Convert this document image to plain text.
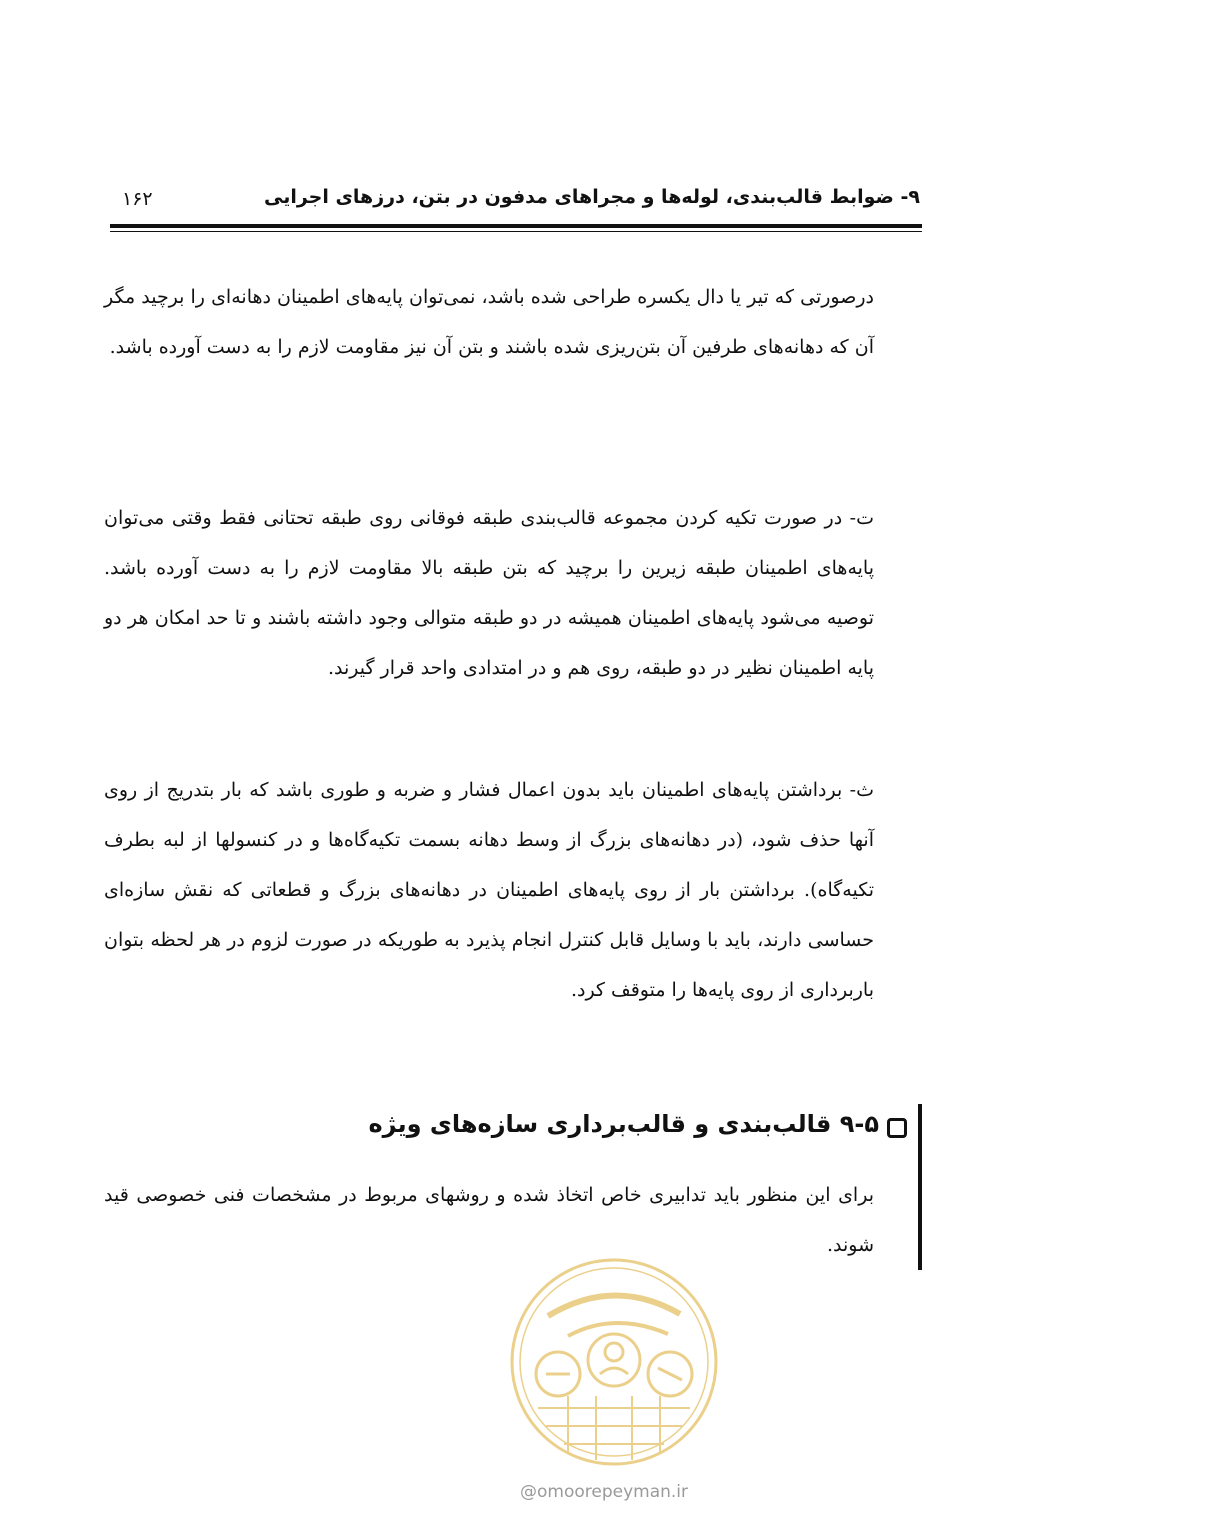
۹- ضوابط قالب‌بندی، لوله‌ها و مجراهای مدفون در بتن، درزهای اجرایی
۱۶۲
درصورتی که تیر یا دال یکسره طراحی شده باشد، نمی‌توان پایه‌های اطمینان دهانه‌ای را برچید مگر آن که دهانه‌های طرفین آن بتن‌ریزی شده باشند و بتن آن نیز مقاومت لازم را به دست آورده باشد.
ت- در صورت تکیه کردن مجموعه قالب‌بندی طبقه فوقانی روی طبقه تحتانی فقط وقتی می‌توان پایه‌های اطمینان طبقه زیرین را برچید که بتن طبقه بالا مقاومت لازم را به دست آورده باشد. توصیه می‌شود پایه‌های اطمینان همیشه در دو طبقه متوالی وجود داشته باشند و تا حد امکان هر دو پایه اطمینان نظیر در دو طبقه، روی هم و در امتدادی واحد قرار گیرند.
ث- برداشتن پایه‌های اطمینان باید بدون اعمال فشار و ضربه و طوری باشد که بار بتدریج از روی آنها حذف شود، (در دهانه‌های بزرگ از وسط دهانه بسمت تکیه‌گاه‌ها و در کنسولها از لبه بطرف تکیه‌گاه). برداشتن بار از روی پایه‌های اطمینان در دهانه‌های بزرگ و قطعاتی که نقش سازه‌ای حساسی دارند، باید با وسایل قابل کنترل انجام پذیرد به طوریکه در صورت لزوم در هر لحظه بتوان باربرداری از روی پایه‌ها را متوقف کرد.
۹-۵ قالب‌بندی و قالب‌برداری سازه‌های ویژه
برای این منظور باید تدابیری خاص اتخاذ شده و روشهای مربوط در مشخصات فنی خصوصی قید شوند.
@omoorepeyman.ir
